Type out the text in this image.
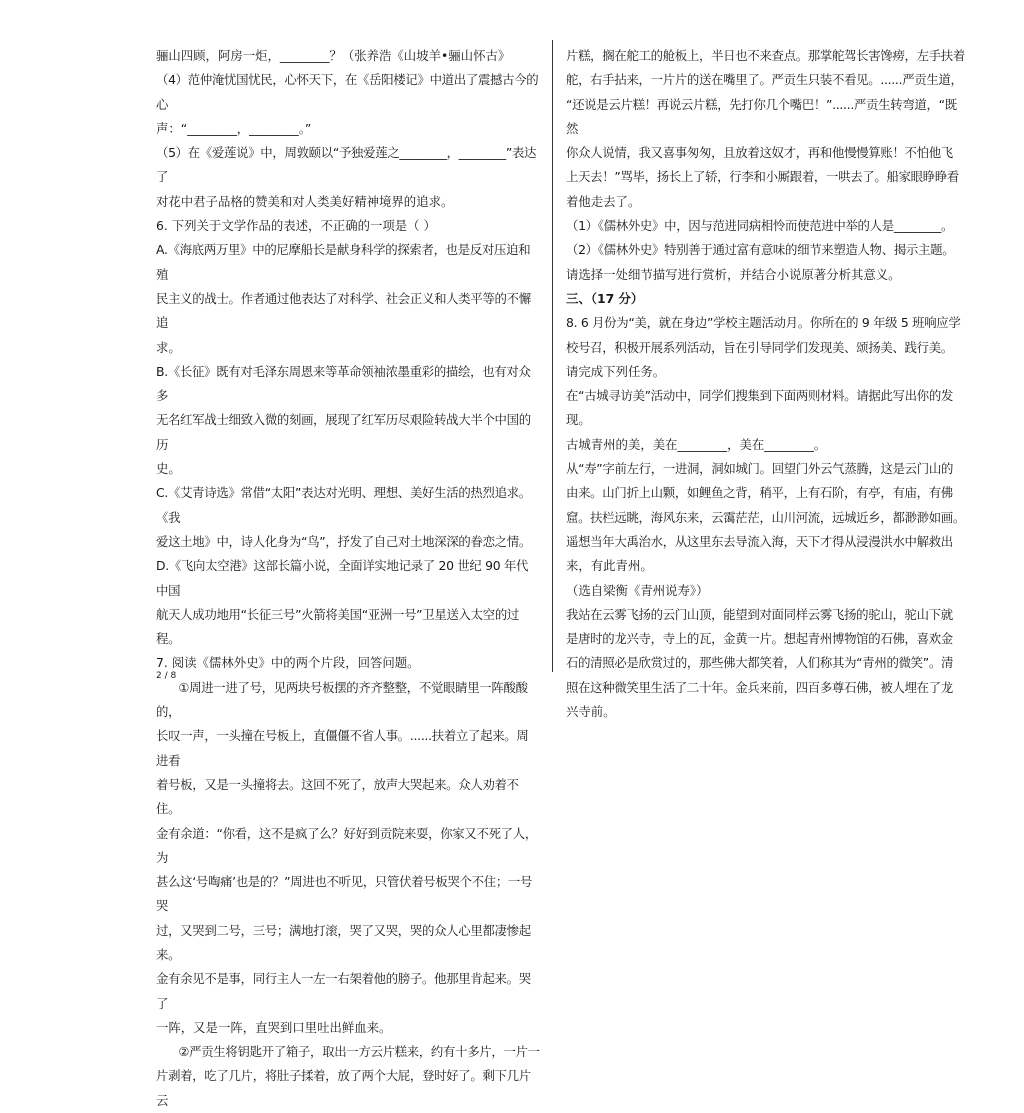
骊山四顾，阿房一炬，________？（张养浩《山坡羊•骊山怀古》

（4）范仲淹忧国忧民，心怀天下，在《岳阳楼记》中道出了震撼古今的心

声：“________，________。”

（5）在《爱莲说》中，周敦颐以“予独爱莲之________，________”表达了

对花中君子品格的赞美和对人类美好精神境界的追求。

6. 下列关于文学作品的表述，不正确的一项是（ ）

A.《海底两万里》中的尼摩船长是献身科学的探索者，也是反对压迫和殖

民主义的战士。作者通过他表达了对科学、社会正义和人类平等的不懈追

求。

B.《长征》既有对毛泽东周恩来等革命领袖浓墨重彩的描绘，也有对众多

无名红军战士细致入微的刻画，展现了红军历尽艰险转战大半个中国的历

史。

C.《艾青诗选》常借“太阳”表达对光明、理想、美好生活的热烈追求。《我

爱这土地》中，诗人化身为“鸟”，抒发了自己对土地深深的眷恋之情。

D.《飞向太空港》这部长篇小说，全面详实地记录了 20 世纪 90 年代中国

航天人成功地用“长征三号”火箭将美国“亚洲一号”卫星送入太空的过程。

7. 阅读《儒林外史》中的两个片段，回答问题。

①周进一进了号，见两块号板摆的齐齐整整，不觉眼睛里一阵酸酸的，

长叹一声，一头撞在号板上，直僵僵不省人事。......扶着立了起来。周进看

着号板，又是一头撞将去。这回不死了，放声大哭起来。众人劝着不住。

金有余道：“你看，这不是疯了么？好好到贡院来耍，你家又不死了人，为

甚么这‘号啕痛’也是的？”周进也不听见，只管伏着号板哭个不住；一号哭

过，又哭到二号，三号；满地打滚，哭了又哭，哭的众人心里都凄惨起来。

金有余见不是事，同行主人一左一右架着他的膀子。他那里肯起来。哭了

一阵，又是一阵，直哭到口里吐出鲜血来。

②严贡生将钥匙开了箱子，取出一方云片糕来，约有十多片，一片一

片剥着，吃了几片，将肚子揉着，放了两个大屁，登时好了。剩下几片云

片糕，搁在舵工的舱板上，半日也不来查点。那掌舵驾长害馋痨，左手扶着

舵，右手拈来，一片片的送在嘴里了。严贡生只装不看见。......严贡生道，

“还说是云片糕！再说云片糕，先打你几个嘴巴！”......严贡生转弯道，“既然

你众人说情，我又喜事匆匆，且放着这奴才，再和他慢慢算账！不怕他飞

上天去！”骂毕，扬长上了轿，行李和小厮跟着，一哄去了。船家眼睁睁看

着他走去了。

（1）《儒林外史》中，因与范进同病相怜而使范进中举的人是________。

（2）《儒林外史》特别善于通过富有意味的细节来塑造人物、揭示主题。

请选择一处细节描写进行赏析，并结合小说原著分析其意义。

三、（17 分）

8. 6 月份为“美，就在身边”学校主题活动月。你所在的 9 年级 5 班响应学

校号召，积极开展系列活动，旨在引导同学们发现美、颂扬美、践行美。

请完成下列任务。

在“古城寻访美”活动中，同学们搜集到下面两则材料。请据此写出你的发

现。

古城青州的美，美在________，美在________。

从“寿”字前左行，一进洞，洞如城门。回望门外云气蒸腾，这是云门山的

由来。山门折上山颗，如鲤鱼之背，稍平，上有石阶，有亭，有庙，有佛

窟。扶栏远眺，海风东来，云霭茫茫，山川河流，远城近乡，都渺渺如画。

遥想当年大禹治水，从这里东去导流入海，天下才得从浸漫洪水中解救出

来，有此青州。

（选自梁衡《青州说寿》）

我站在云雾飞扬的云门山顶，能望到对面同样云雾飞扬的驼山，驼山下就

是唐时的龙兴寺，寺上的瓦，金黄一片。想起青州博物馆的石佛，喜欢金

石的清照必是欣赏过的，那些佛大都笑着，人们称其为“青州的微笑”。清

照在这种微笑里生活了二十年。金兵来前，四百多尊石佛，被人埋在了龙

兴寺前。

2 / 8
